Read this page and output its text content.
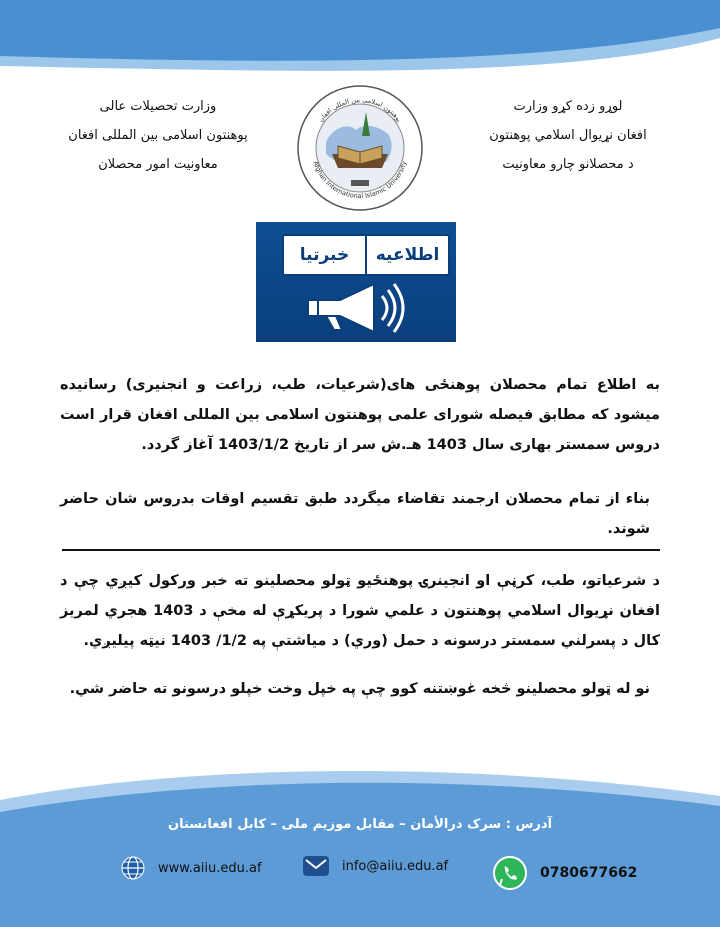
وزارت تحصیلات عالی
پوهنتون اسلامی بین المللی افغان
معاونیت امور محصلان
لوړو زده کړو وزارت
افغان نړیوال اسلامي پوهنتون
د محصلانو چارو معاونیت
پوهنتون اسلامی بین المللی افغان
Afghan International Islamic University
اطلاعیه
خبرتیا
به اطلاع تمام محصلان پوهنځی های(شرعیات، طب، زراعت و انجنیری) رسانیده میشود که مطابق فیصله شورای علمی پوهنتون اسلامی بین المللی افغان قرار است دروس سمستر بهاری سال 1403 هـ.ش سر از تاریخ 1403/1/2 آغاز گردد.
بناء از تمام محصلان ارجمند تقاضاء میگردد طبق تقسیم اوقات بدروس شان حاضر شوند.
د شرعیاتو، طب، کرڼې او انجینرۍ پوهنځیو ټولو محصلینو ته خبر ورکول کیږي چې د افغان نړیوال اسلامي پوهنتون د علمي شورا د پریکړې له مخې د 1403 هجري لمریز کال د پسرلني سمستر درسونه د حمل (وري) د میاشتې په 1/2/ 1403 نیټه پیلیږي.
نو له ټولو محصلینو څخه غوښتنه کوو چې په خپل وخت خپلو درسونو ته حاضر شي.
آدرس : سرک درالأمان – مقابل موزیم ملی – کابل افغانستان
www.aiiu.edu.af	info@aiiu.edu.af	0780677662
